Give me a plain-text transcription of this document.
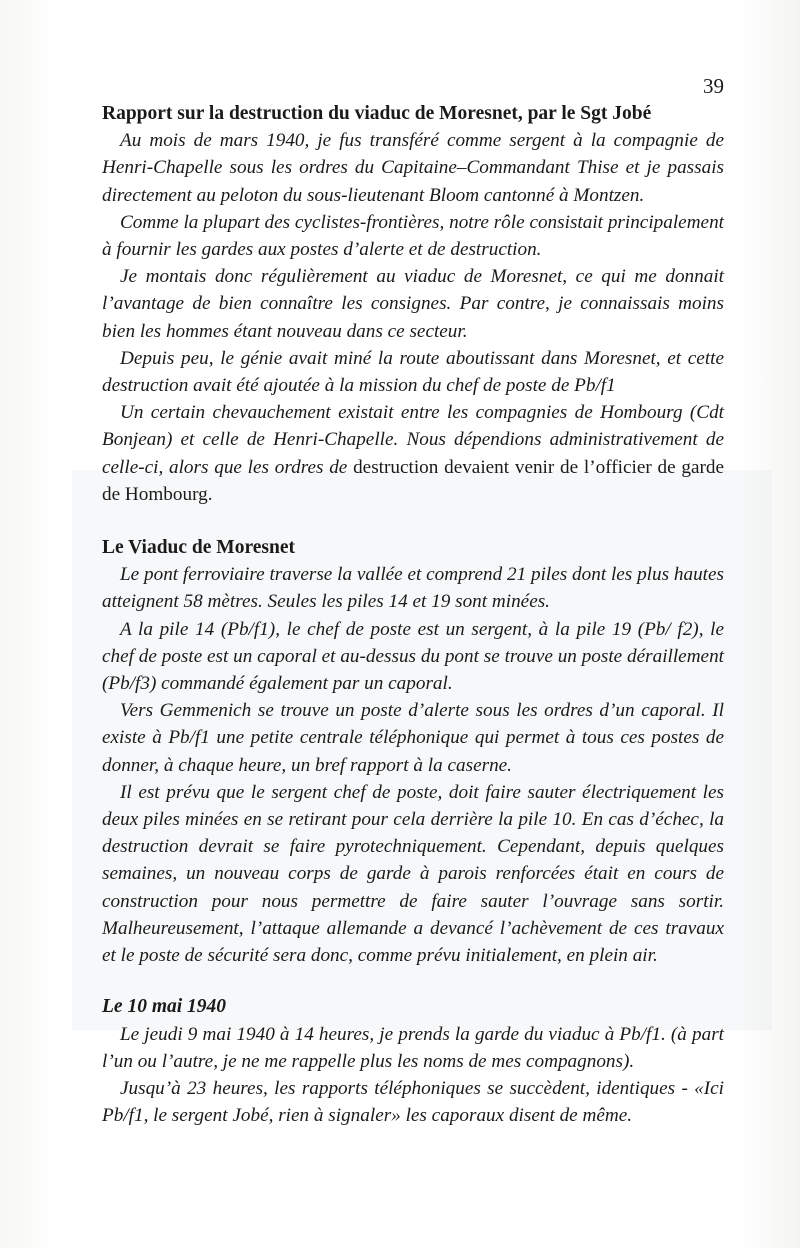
39
Rapport sur la destruction du viaduc de Moresnet, par le Sgt Jobé

Au mois de mars 1940, je fus transféré comme sergent à la compagnie de Henri-Chapelle sous les ordres du Capitaine–Commandant Thise et je passais directement au peloton du sous-lieutenant Bloom cantonné à Montzen.

Comme la plupart des cyclistes-frontières, notre rôle consistait principalement à fournir les gardes aux postes d’alerte et de destruction.

Je montais donc régulièrement au viaduc de Moresnet, ce qui me donnait l’avantage de bien connaître les consignes. Par contre, je connaissais moins bien les hommes étant nouveau dans ce secteur.

Depuis peu, le génie avait miné la route aboutissant dans Moresnet, et cette destruction avait été ajoutée à la mission du chef de poste de Pb/f1

Un certain chevauchement existait entre les compagnies de Hombourg (Cdt Bonjean) et celle de Henri-Chapelle. Nous dépendions administrativement de celle-ci, alors que les ordres de destruction devaient venir de l’officier de garde de Hombourg.

Le Viaduc de Moresnet

Le pont ferroviaire traverse la vallée et comprend 21 piles dont les plus hautes atteignent 58 mètres. Seules les piles 14 et 19 sont minées.

A la pile 14 (Pb/f1), le chef de poste est un sergent, à la pile 19 (Pb/ f2), le chef de poste est un caporal et au-dessus du pont se trouve un poste déraillement (Pb/f3) commandé également par un caporal.

Vers Gemmenich se trouve un poste d’alerte sous les ordres d’un caporal. Il existe à Pb/f1 une petite centrale téléphonique qui permet à tous ces postes de donner, à chaque heure, un bref rapport à la caserne.

Il est prévu que le sergent chef de poste, doit faire sauter électriquement les deux piles minées en se retirant pour cela derrière la pile 10. En cas d’échec, la destruction devrait se faire pyrotechniquement. Cependant, depuis quelques semaines, un nouveau corps de garde à parois renforcées était en cours de construction pour nous permettre de faire sauter l’ouvrage sans sortir. Malheureusement, l’attaque allemande a devancé l’achèvement de ces travaux et le poste de sécurité sera donc, comme prévu initialement, en plein air.

Le 10 mai 1940

Le jeudi 9 mai 1940 à 14 heures, je prends la garde du viaduc à Pb/f1. (à part l’un ou l’autre, je ne me rappelle plus les noms de mes compagnons).

Jusqu’à 23 heures, les rapports téléphoniques se succèdent, identiques - «Ici Pb/f1, le sergent Jobé, rien à signaler» les caporaux disent de même.
